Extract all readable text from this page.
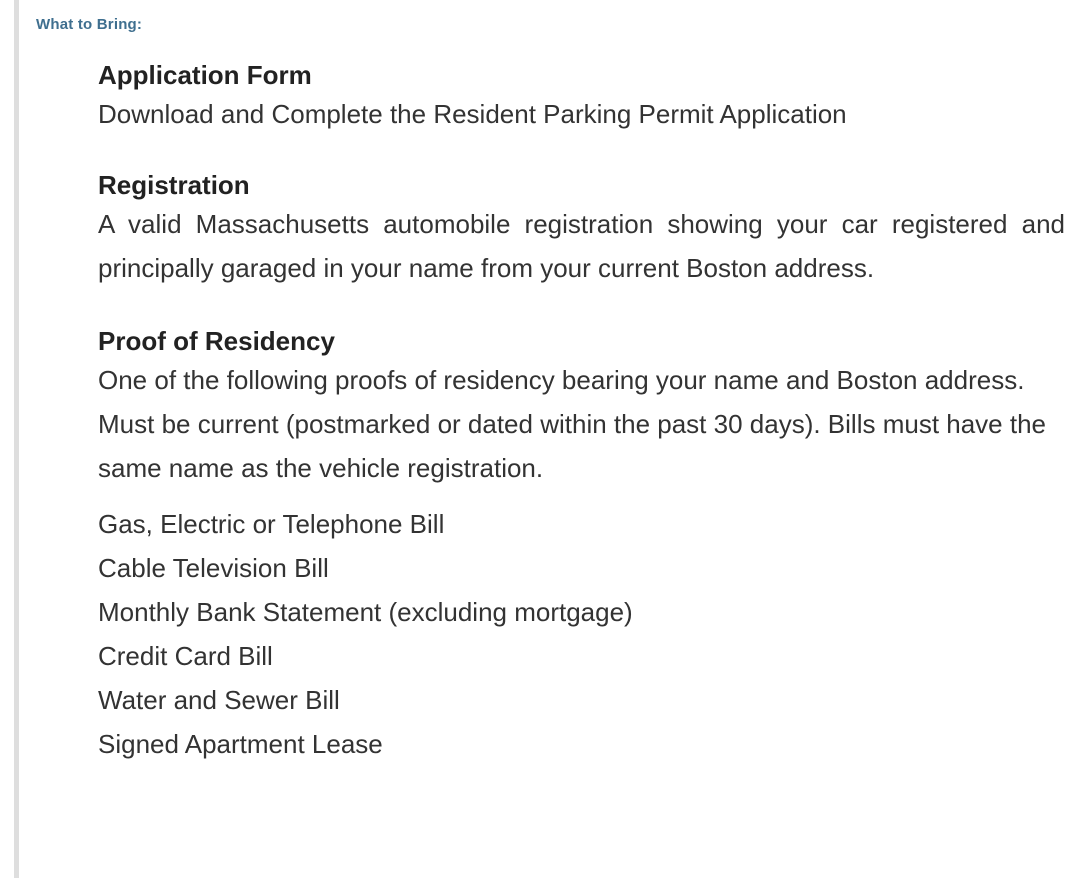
What to Bring:
Application Form
Download and Complete the Resident Parking Permit Application
Registration

A valid Massachusetts automobile registration showing your car registered and principally garaged in your name from your current Boston address.

Proof of Residency

One of the following proofs of residency bearing your name and Boston address. Must be current (postmarked or dated within the past 30 days). Bills must have the same name as the vehicle registration.

Gas, Electric or Telephone Bill
Cable Television Bill
Monthly Bank Statement (excluding mortgage)
Credit Card Bill
Water and Sewer Bill
Signed Apartment Lease
